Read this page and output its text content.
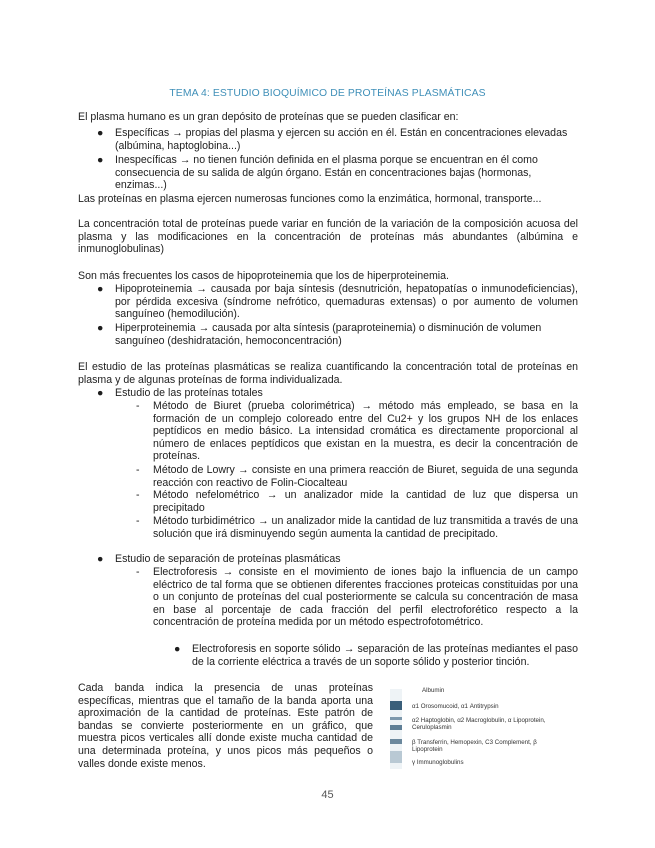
TEMA 4: ESTUDIO BIOQUÍMICO DE PROTEÍNAS PLASMÁTICAS
El plasma humano es un gran depósito de proteínas que se pueden clasificar en:
● Específicas → propias del plasma y ejercen su acción en él. Están en concentraciones elevadas (albúmina, haptoglobina...)
● Inespecíficas → no tienen función definida en el plasma porque se encuentran en él como consecuencia de su salida de algún órgano. Están en concentraciones bajas (hormonas, enzimas...)
Las proteínas en plasma ejercen numerosas funciones como la enzimática, hormonal, transporte...
La concentración total de proteínas puede variar en función de la variación de la composición acuosa del plasma y las modificaciones en la concentración de proteínas más abundantes (albúmina e inmunoglobulinas)
Son más frecuentes los casos de hipoproteinemia que los de hiperproteinemia.
● Hipoproteinemia → causada por baja síntesis (desnutrición, hepatopatías o inmunodeficiencias), por pérdida excesiva (síndrome nefrótico, quemaduras extensas) o por aumento de volumen sanguíneo (hemodilución).
● Hiperproteinemia → causada por alta síntesis (paraproteinemia) o disminución de volumen sanguíneo (deshidratación, hemoconcentración)
El estudio de las proteínas plasmáticas se realiza cuantificando la concentración total de proteínas en plasma y de algunas proteínas de forma individualizada.
● Estudio de las proteínas totales
- Método de Biuret (prueba colorimétrica) → método más empleado, se basa en la formación de un complejo coloreado entre del Cu2+ y los grupos NH de los enlaces peptídicos en medio básico. La intensidad cromática es directamente proporcional al número de enlaces peptídicos que existan en la muestra, es decir la concentración de proteínas.
- Método de Lowry → consiste en una primera reacción de Biuret, seguida de una segunda reacción con reactivo de Folin-Ciocalteau
- Método nefelométrico → un analizador mide la cantidad de luz que dispersa un precipitado
- Método turbidimétrico → un analizador mide la cantidad de luz transmitida a través de una solución que irá disminuyendo según aumenta la cantidad de precipitado.
● Estudio de separación de proteínas plasmáticas
- Electroforesis → consiste en el movimiento de iones bajo la influencia de un campo eléctrico de tal forma que se obtienen diferentes fracciones proteicas constituidas por una o un conjunto de proteínas del cual posteriormente se calcula su concentración de masa en base al porcentaje de cada fracción del perfil electroforético respecto a la concentración de proteína medida por un método espectrofotométrico.
● Electroforesis en soporte sólido → separación de las proteínas mediantes el paso de la corriente eléctrica a través de un soporte sólido y posterior tinción.
Cada banda indica la presencia de unas proteínas específicas, mientras que el tamaño de la banda aporta una aproximación de la cantidad de proteínas. Este patrón de bandas se convierte posteriormente en un gráfico, que muestra picos verticales allí donde existe mucha cantidad de una determinada proteína, y unos picos más pequeños o valles donde existe menos.
Albumin
α1 Orosomucoid, α1 Antitrypsin
α2 Haptoglobin, α2 Macroglobulin, α Lipoprotein, Ceruloplasmin
β Transferrin, Hemopexin, C3 Complement, β Lipoprotein
γ Immunoglobulins
45
